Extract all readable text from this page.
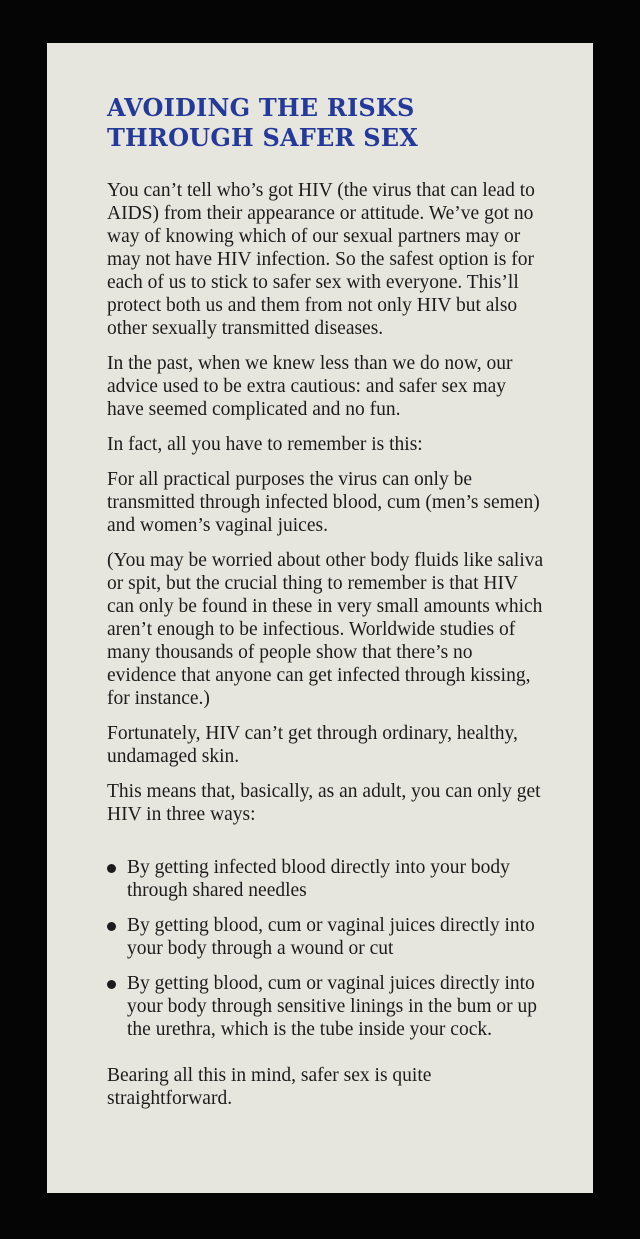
AVOIDING THE RISKS
THROUGH SAFER SEX

You can’t tell who’s got HIV (the virus that can lead to AIDS) from their appearance or attitude. We’ve got no way of knowing which of our sexual partners may or may not have HIV infection. So the safest option is for each of us to stick to safer sex with everyone. This’ll protect both us and them from not only HIV but also other sexually transmitted diseases.

In the past, when we knew less than we do now, our advice used to be extra cautious: and safer sex may have seemed complicated and no fun.

In fact, all you have to remember is this:

For all practical purposes the virus can only be transmitted through infected blood, cum (men’s semen) and women’s vaginal juices.

(You may be worried about other body fluids like saliva or spit, but the crucial thing to remember is that HIV can only be found in these in very small amounts which aren’t enough to be infectious. Worldwide studies of many thousands of people show that there’s no evidence that anyone can get infected through kissing, for instance.)

Fortunately, HIV can’t get through ordinary, healthy, undamaged skin.

This means that, basically, as an adult, you can only get HIV in three ways:

By getting infected blood directly into your body through shared needles
By getting blood, cum or vaginal juices directly into your body through a wound or cut
By getting blood, cum or vaginal juices directly into your body through sensitive linings in the bum or up the urethra, which is the tube inside your cock.

Bearing all this in mind, safer sex is quite straightforward.
